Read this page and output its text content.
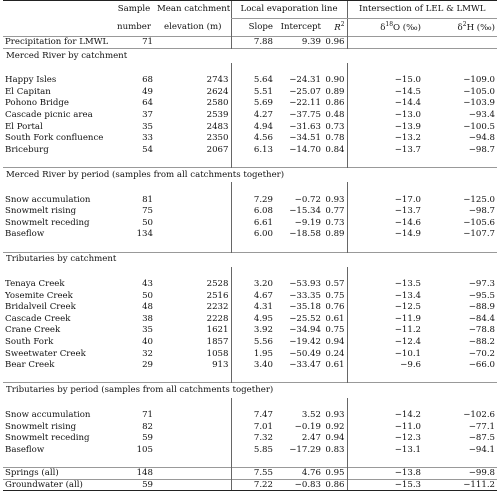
	Sample	Mean catchment	Local evaporation line			Intersection of LEL & LMWL	
	number	elevation (m)	Slope	Intercept	$R^2$	$\delta^{18}O$ (‰)	$\delta^2H$ (‰)
Precipitation for LMWL	71		7.88	9.39	0.96		
Merced River by catchment							

Happy Isles	68	2743	5.64	−24.31	0.90	−15.0	−109.0
El Capitan	49	2624	5.51	−25.07	0.89	−14.5	−105.0
Pohono Bridge	64	2580	5.69	−22.11	0.86	−14.4	−103.9
Cascade picnic area	37	2539	4.27	−37.75	0.48	−13.0	−93.4
El Portal	35	2483	4.94	−31.63	0.73	−13.9	−100.5
South Fork confluence	33	2350	4.56	−34.51	0.78	−13.2	−94.8
Briceburg	54	2067	6.13	−14.70	0.84	−13.7	−98.7

Merced River by period (samples from all catchments together)							

Snow accumulation	81		7.29	−0.72	0.93	−17.0	−125.0
Snowmelt rising	75		6.08	−15.34	0.77	−13.7	−98.7
Snowmelt receding	50		6.61	−9.19	0.73	−14.6	−105.6
Baseflow	134		6.00	−18.58	0.89	−14.9	−107.7

Tributaries by catchment							

Tenaya Creek	43	2528	3.20	−53.93	0.57	−13.5	−97.3
Yosemite Creek	50	2516	4.67	−33.35	0.75	−13.4	−95.5
Bridalveil Creek	48	2232	4.31	−35.18	0.76	−12.5	−88.9
Cascade Creek	38	2228	4.95	−25.52	0.61	−11.9	−84.4
Crane Creek	35	1621	3.92	−34.94	0.75	−11.2	−78.8
South Fork	40	1857	5.56	−19.42	0.94	−12.4	−88.2
Sweetwater Creek	32	1058	1.95	−50.49	0.24	−10.1	−70.2
Bear Creek	29	913	3.40	−33.47	0.61	−9.6	−66.0

Tributaries by period (samples from all catchments together)							

Snow accumulation	71		7.47	3.52	0.93	−14.2	−102.6
Snowmelt rising	82		7.01	−0.19	0.92	−11.0	−77.1
Snowmelt receding	59		7.32	2.47	0.94	−12.3	−87.5
Baseflow	105		5.85	−17.29	0.83	−13.1	−94.1

Springs (all)	148		7.55	4.76	0.95	−13.8	−99.8
Groundwater (all)	59		7.22	−0.83	0.86	−15.3	−111.2
